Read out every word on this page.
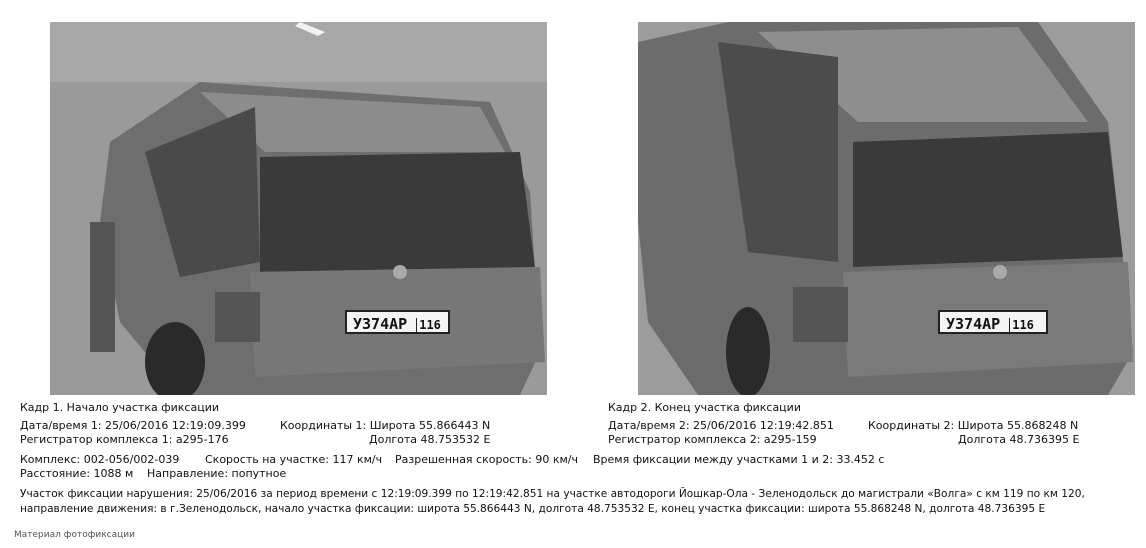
У374АР 116	У374АР 116
Кадр 1. Начало участка фиксации
Дата/время 1: 25/06/2016 12:19:09.399	Координаты 1: Широта 55.866443 N
Регистратор комплекса 1: a295-176	Долгота 48.753532 E
Кадр 2. Конец участка фиксации
Дата/время 2: 25/06/2016 12:19:42.851	Координаты 2: Широта 55.868248 N
Регистратор комплекса 2: a295-159	Долгота 48.736395 E
Комплекс: 002-056/002-039 Скорость на участке: 117 км/ч Разрешенная скорость: 90 км/ч Время фиксации между участками 1 и 2: 33.452 с
Расстояние: 1088 м Направление: попутное
Участок фиксации нарушения: 25/06/2016 за период времени с 12:19:09.399 по 12:19:42.851 на участке автодороги Йошкар-Ола - Зеленодольск до магистрали «Волга» с км 119 по км 120,
направление движения: в г.Зеленодольск, начало участка фиксации: широта 55.866443 N, долгота 48.753532 E, конец участка фиксации: широта 55.868248 N, долгота 48.736395 E
Материал фотофиксации
